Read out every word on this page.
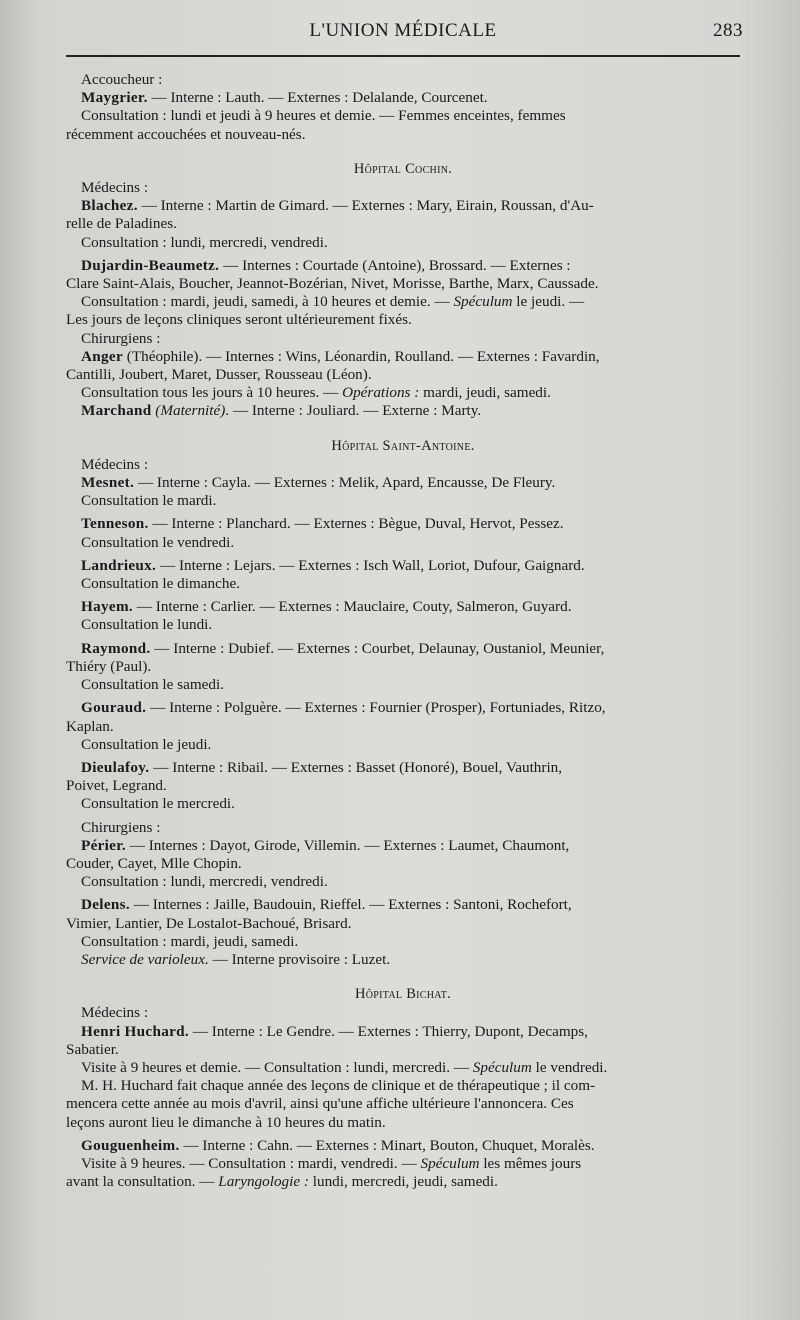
L'UNION MÉDICALE	283

Accoucheur :

Maygrier. — Interne : Lauth. — Externes : Delalande, Courcenet.

Consultation : lundi et jeudi à 9 heures et demie. — Femmes enceintes, femmes

récemment accouchées et nouveau-nés.

Hôpital Cochin.

Médecins :

Blachez. — Interne : Martin de Gimard. — Externes : Mary, Eirain, Roussan, d'Au-

relle de Paladines.

Consultation : lundi, mercredi, vendredi.

Dujardin-Beaumetz. — Internes : Courtade (Antoine), Brossard. — Externes :

Clare Saint-Alais, Boucher, Jeannot-Bozérian, Nivet, Morisse, Barthe, Marx, Caussade.

Consultation : mardi, jeudi, samedi, à 10 heures et demie. — Spéculum le jeudi. —

Les jours de leçons cliniques seront ultérieurement fixés.

Chirurgiens :

Anger (Théophile). — Internes : Wins, Léonardin, Roulland. — Externes : Favardin,

Cantilli, Joubert, Maret, Dusser, Rousseau (Léon).

Consultation tous les jours à 10 heures. — Opérations : mardi, jeudi, samedi.

Marchand (Maternité). — Interne : Jouliard. — Externe : Marty.

Hôpital Saint-Antoine.

Médecins :

Mesnet. — Interne : Cayla. — Externes : Melik, Apard, Encausse, De Fleury.

Consultation le mardi.

Tenneson. — Interne : Planchard. — Externes : Bègue, Duval, Hervot, Pessez.

Consultation le vendredi.

Landrieux. — Interne : Lejars. — Externes : Isch Wall, Loriot, Dufour, Gaignard.

Consultation le dimanche.

Hayem. — Interne : Carlier. — Externes : Mauclaire, Couty, Salmeron, Guyard.

Consultation le lundi.

Raymond. — Interne : Dubief. — Externes : Courbet, Delaunay, Oustaniol, Meunier,

Thiéry (Paul).

Consultation le samedi.

Gouraud. — Interne : Polguère. — Externes : Fournier (Prosper), Fortuniades, Ritzo,

Kaplan.

Consultation le jeudi.

Dieulafoy. — Interne : Ribail. — Externes : Basset (Honoré), Bouel, Vauthrin,

Poivet, Legrand.

Consultation le mercredi.

Chirurgiens :

Périer. — Internes : Dayot, Girode, Villemin. — Externes : Laumet, Chaumont,

Couder, Cayet, Mlle Chopin.

Consultation : lundi, mercredi, vendredi.

Delens. — Internes : Jaille, Baudouin, Rieffel. — Externes : Santoni, Rochefort,

Vimier, Lantier, De Lostalot-Bachoué, Brisard.

Consultation : mardi, jeudi, samedi.

Service de varioleux. — Interne provisoire : Luzet.

Hôpital Bichat.

Médecins :

Henri Huchard. — Interne : Le Gendre. — Externes : Thierry, Dupont, Decamps,

Sabatier.

Visite à 9 heures et demie. — Consultation : lundi, mercredi. — Spéculum le vendredi.

M. H. Huchard fait chaque année des leçons de clinique et de thérapeutique ; il com-

mencera cette année au mois d'avril, ainsi qu'une affiche ultérieure l'annoncera. Ces

leçons auront lieu le dimanche à 10 heures du matin.

Gouguenheim. — Interne : Cahn. — Externes : Minart, Bouton, Chuquet, Moralès.

Visite à 9 heures. — Consultation : mardi, vendredi. — Spéculum les mêmes jours

avant la consultation. — Laryngologie : lundi, mercredi, jeudi, samedi.
